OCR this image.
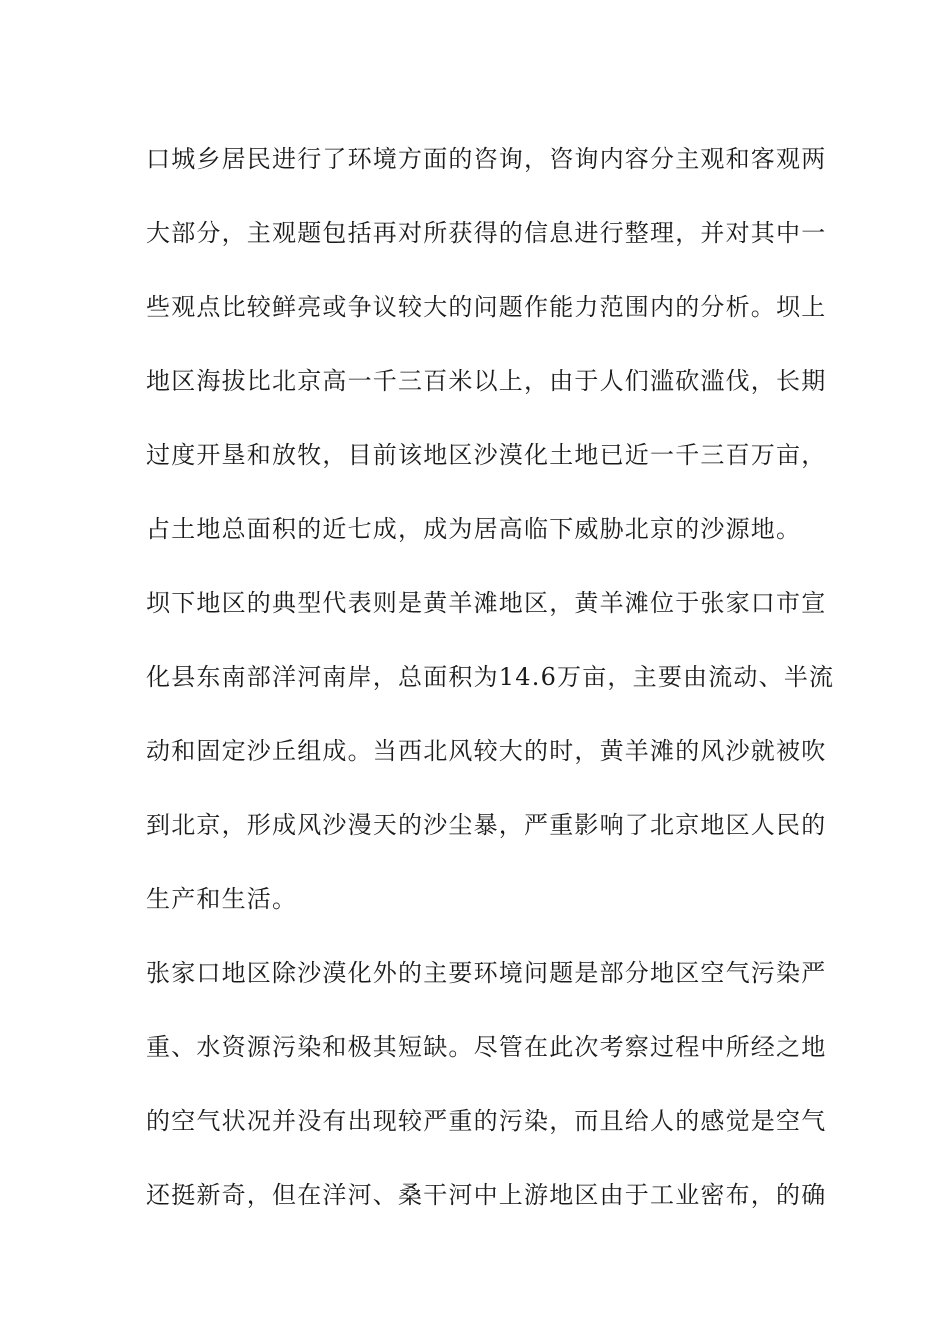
口城乡居民进行了环境方面的咨询，咨询内容分主观和客观两
大部分，主观题包括再对所获得的信息进行整理，并对其中一
些观点比较鲜亮或争议较大的问题作能力范围内的分析。坝上
地区海拔比北京高一千三百米以上，由于人们滥砍滥伐，长期
过度开垦和放牧，目前该地区沙漠化土地已近一千三百万亩，
占土地总面积的近七成，成为居高临下威胁北京的沙源地。
坝下地区的典型代表则是黄羊滩地区，黄羊滩位于张家口市宣
化县东南部洋河南岸，总面积为14.6万亩，主要由流动、半流
动和固定沙丘组成。当西北风较大的时，黄羊滩的风沙就被吹
到北京，形成风沙漫天的沙尘暴，严重影响了北京地区人民的
生产和生活。
张家口地区除沙漠化外的主要环境问题是部分地区空气污染严
重、水资源污染和极其短缺。尽管在此次考察过程中所经之地
的空气状况并没有出现较严重的污染，而且给人的感觉是空气
还挺新奇，但在洋河、桑干河中上游地区由于工业密布，的确
